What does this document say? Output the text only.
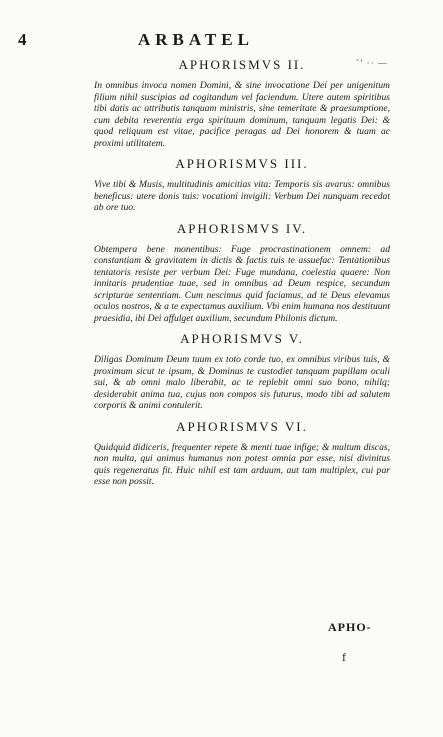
4	ARBATEL
˜’ ·· —
APHORISMVS II.

In omnibus invoca nomen Domini, & sine invocatione Dei per unigenitum filium nihil suscipias ad cogitandum vel faciendum. Utere autem spiritibus tibi datis ac attributis tanquam ministris, sine temeritate & praesumptione, cum debita reverentia erga spirituum dominum, tanquam legatis Dei: & quod reliquum est vitae, pacifice peragas ad Dei honorem & tuam ac proximi utilitatem.

APHORISMVS III.

Vive tibi & Musis, multitudinis amicitias vita: Temporis sis avarus: omnibus beneficus: utere donis tuis: vocationi invigili: Verbum Dei nunquam recedat ab ore tuo.

APHORISMVS IV.

Obtempera bene monentibus: Fuge procrastinationem omnem: ad constantiam & gravitatem in dictis & factis tuis te assuefac: Tentationibus tentatoris resiste per verbum Dei: Fuge mundana, coelestia quaere: Non innitaris prudentiae tuae, sed in omnibus ad Deum respice, secundum scripturae sententiam. Cum nescimus quid faciamus, ad te Deus elevamus oculos nostros, & a te expectamus auxilium. Vbi enim humana nos destituunt praesidia, ibi Dei affulget auxilium, secundum Philonis dictum.

APHORISMVS V.

Diligas Dominum Deum tuum ex toto corde tuo, ex omnibus viribus tuis, & proximum sicut te ipsum, & Dominus te custodiet tanquam pupillam oculi sui, & ab omni malo liberabit, ac te replebit omni suo bono, nihilq; desiderabit anima tua, cujus non compos sis futurus, modo tibi ad salutem corporis & animi contulerit.

APHORISMVS VI.

Quidquid didiceris, frequenter repete & menti tuae infige; & multum discas, non multa, qui animus humanus non potest omnia par esse, nisi divinitus quis regeneratus fit. Huic nihil est tam arduum, aut tam multiplex, cui par esse non possit.

APHO-
f
